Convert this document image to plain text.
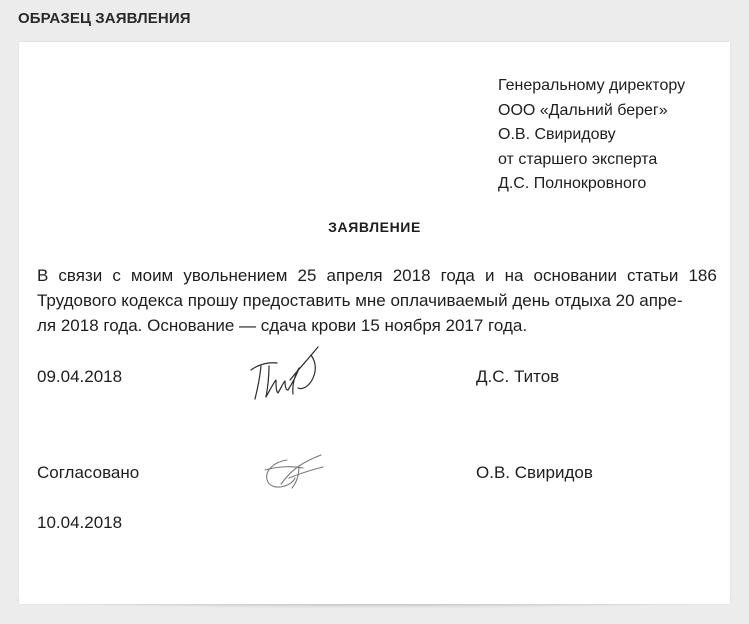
ОБРАЗЕЦ ЗАЯВЛЕНИЯ
Генеральному директору
ООО «Дальний берег»
О.В. Свиридову
от старшего эксперта
Д.С. Полнокровного
ЗАЯВЛЕНИЕ
В связи с моим увольнением 25 апреля 2018 года и на основании статьи 186
Трудового кодекса прошу предоставить мне оплачиваемый день отдыха 20 апре-
ля 2018 года. Основание — сдача крови 15 ноября 2017 года.
09.04.2018	Д.С. Титов
Согласовано	О.В. Свиридов
10.04.2018
